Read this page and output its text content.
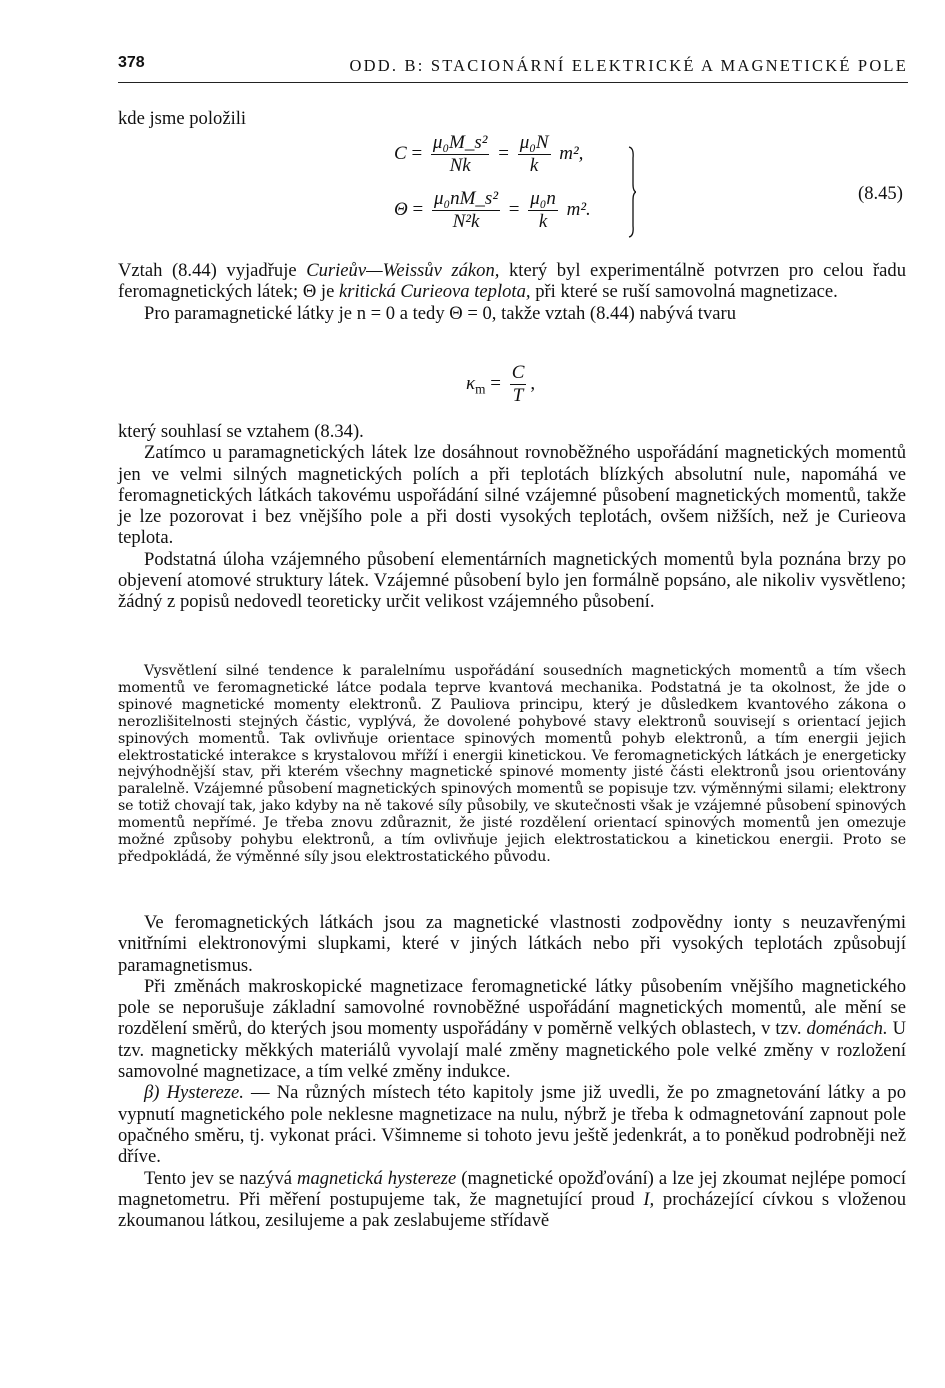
378	ODD. B: STACIONÁRNÍ ELEKTRICKÉ A MAGNETICKÉ POLE

kde jsme položili

$C = \frac{\text{μ₀M\_s²}}{Nk} = \frac{\text{μ₀N}}{k} m^2$,
$\Theta = \frac{\text{μ₀nM\_s²}}{\text{N²k}} = \frac{\text{μ₀n}}{k} m^2$.
(8.45)

Vztah (8.44) vyjadřuje Curieův—Weissův zákon, který byl experimentálně potvrzen pro celou řadu feromagnetických látek; Θ je kritická Curieova teplota, při které se ruší samovolná magnetizace.

Pro paramagnetické látky je n = 0 a tedy Θ = 0, takže vztah (8.44) nabývá tvaru

$\kappa_m = \frac{C}{T}$ ,

který souhlasí se vztahem (8.34).

Zatímco u paramagnetických látek lze dosáhnout rovnoběžného uspořádání magnetických momentů jen ve velmi silných magnetických polích a při teplotách blízkých absolutní nule, napomáhá ve feromagnetických látkách takovému uspořádání silné vzájemné působení magnetických momentů, takže je lze pozorovat i bez vnějšího pole a při dosti vysokých teplotách, ovšem nižších, než je Curieova teplota.

Podstatná úloha vzájemného působení elementárních magnetických momentů byla poznána brzy po objevení atomové struktury látek. Vzájemné působení bylo jen formálně popsáno, ale nikoliv vysvětleno; žádný z popisů nedovedl teoreticky určit velikost vzájemného působení.

Vysvětlení silné tendence k paralelnímu uspořádání sousedních magnetických momentů a tím všech momentů ve feromagnetické látce podala teprve kvantová mechanika. Podstatná je ta okolnost, že jde o spinové magnetické momenty elektronů. Z Pauliova principu, který je důsledkem kvantového zákona o nerozlišitelnosti stejných částic, vyplývá, že dovolené pohybové stavy elektronů souvisejí s orientací jejich spinových momentů. Tak ovlivňuje orientace spinových momentů pohyb elektronů, a tím energii jejich elektrostatické interakce s krystalovou mříží i energii kinetickou. Ve feromagnetických látkách je energeticky nejvýhodnější stav, při kterém všechny magnetické spinové momenty jisté části elektronů jsou orientovány paralelně. Vzájemné působení magnetických spinových momentů se popisuje tzv. výměnnými silami; elektrony se totiž chovají tak, jako kdyby na ně takové síly působily, ve skutečnosti však je vzájemné působení spinových momentů nepřímé. Je třeba znovu zdůraznit, že jisté rozdělení orientací spinových momentů jen omezuje možné způsoby pohybu elektronů, a tím ovlivňuje jejich elektrostatickou a kinetickou energii. Proto se předpokládá, že výměnné síly jsou elektrostatického původu.

Ve feromagnetických látkách jsou za magnetické vlastnosti zodpovědny ionty s neuzavřenými vnitřními elektronovými slupkami, které v jiných látkách nebo při vysokých teplotách způsobují paramagnetismus.

Při změnách makroskopické magnetizace feromagnetické látky působením vnějšího magnetického pole se neporušuje základní samovolné rovnoběžné uspořádání magnetických momentů, ale mění se rozdělení směrů, do kterých jsou momenty uspořádány v poměrně velkých oblastech, v tzv. doménách. U tzv. magneticky měkkých materiálů vyvolají malé změny magnetického pole velké změny v rozložení samovolné magnetizace, a tím velké změny indukce.

β) Hystereze. — Na různých místech této kapitoly jsme již uvedli, že po zmagnetování látky a po vypnutí magnetického pole neklesne magnetizace na nulu, nýbrž je třeba k odmagnetování zapnout pole opačného směru, tj. vykonat práci. Všimneme si tohoto jevu ještě jedenkrát, a to poněkud podrobněji než dříve.

Tento jev se nazývá magnetická hystereze (magnetické opožďování) a lze jej zkoumat nejlépe pomocí magnetometru. Při měření postupujeme tak, že magnetující proud I, procházející cívkou s vloženou zkoumanou látkou, zesilujeme a pak zeslabujeme střídavě
